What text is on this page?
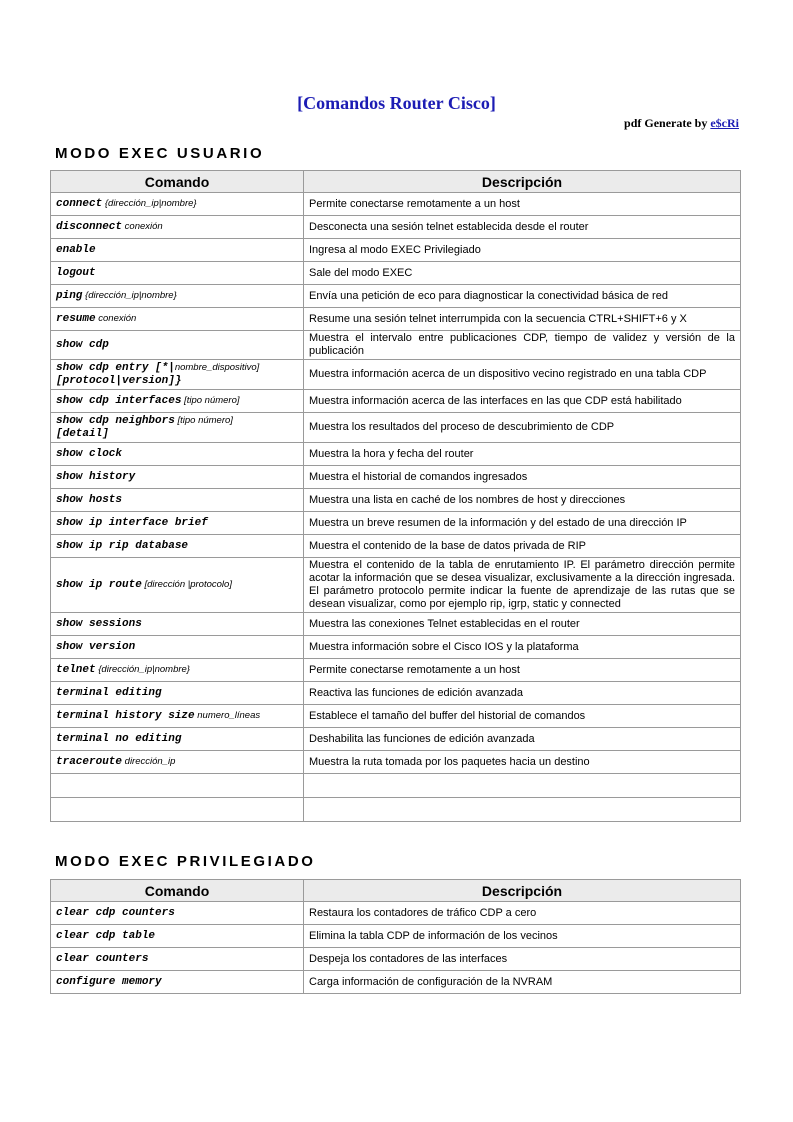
[Comandos Router Cisco]
pdf Generate by e$cRi
MODO EXEC USUARIO
Comando	Descripción
connect {dirección_ip|nombre}	Permite conectarse remotamente a un host
disconnect conexión	Desconecta una sesión telnet establecida desde el router
enable	Ingresa al modo EXEC Privilegiado
logout	Sale del modo EXEC
ping {dirección_ip|nombre}	Envía una petición de eco para diagnosticar la conectividad básica de red
resume conexión	Resume una sesión telnet interrumpida con la secuencia CTRL+SHIFT+6 y X
show cdp	Muestra el intervalo entre publicaciones CDP, tiempo de validez y versión de la publicación
show cdp entry [*|nombre_dispositivo]
[protocol|version]}	Muestra información acerca de un dispositivo vecino registrado en una tabla CDP
show cdp interfaces [tipo número]	Muestra información acerca de las interfaces en las que CDP está habilitado
show cdp neighbors [tipo número]
[detail]	Muestra los resultados del proceso de descubrimiento de CDP
show clock	Muestra la hora y fecha del router
show history	Muestra el historial de comandos ingresados
show hosts	Muestra una lista en caché de los nombres de host y direcciones
show ip interface brief	Muestra un breve resumen de la información y del estado de una dirección IP
show ip rip database	Muestra el contenido de la base de datos privada de RIP
show ip route [dirección |protocolo]	Muestra el contenido de la tabla de enrutamiento IP. El parámetro dirección permite acotar la información que se desea visualizar, exclusivamente a la dirección ingresada. El parámetro protocolo permite indicar la fuente de aprendizaje de las rutas que se desean visualizar, como por ejemplo rip, igrp, static y connected
show sessions	Muestra las conexiones Telnet establecidas en el router
show version	Muestra información sobre el Cisco IOS y la plataforma
telnet {dirección_ip|nombre}	Permite conectarse remotamente a un host
terminal editing	Reactiva las funciones de edición avanzada
terminal history size numero_líneas	Establece el tamaño del buffer del historial de comandos
terminal no editing	Deshabilita las funciones de edición avanzada
traceroute dirección_ip	Muestra la ruta tomada por los paquetes hacia un destino

MODO EXEC PRIVILEGIADO
Comando	Descripción
clear cdp counters	Restaura los contadores de tráfico CDP a cero
clear cdp table	Elimina la tabla CDP de información de los vecinos
clear counters	Despeja los contadores de las interfaces
configure memory	Carga información de configuración de la NVRAM
